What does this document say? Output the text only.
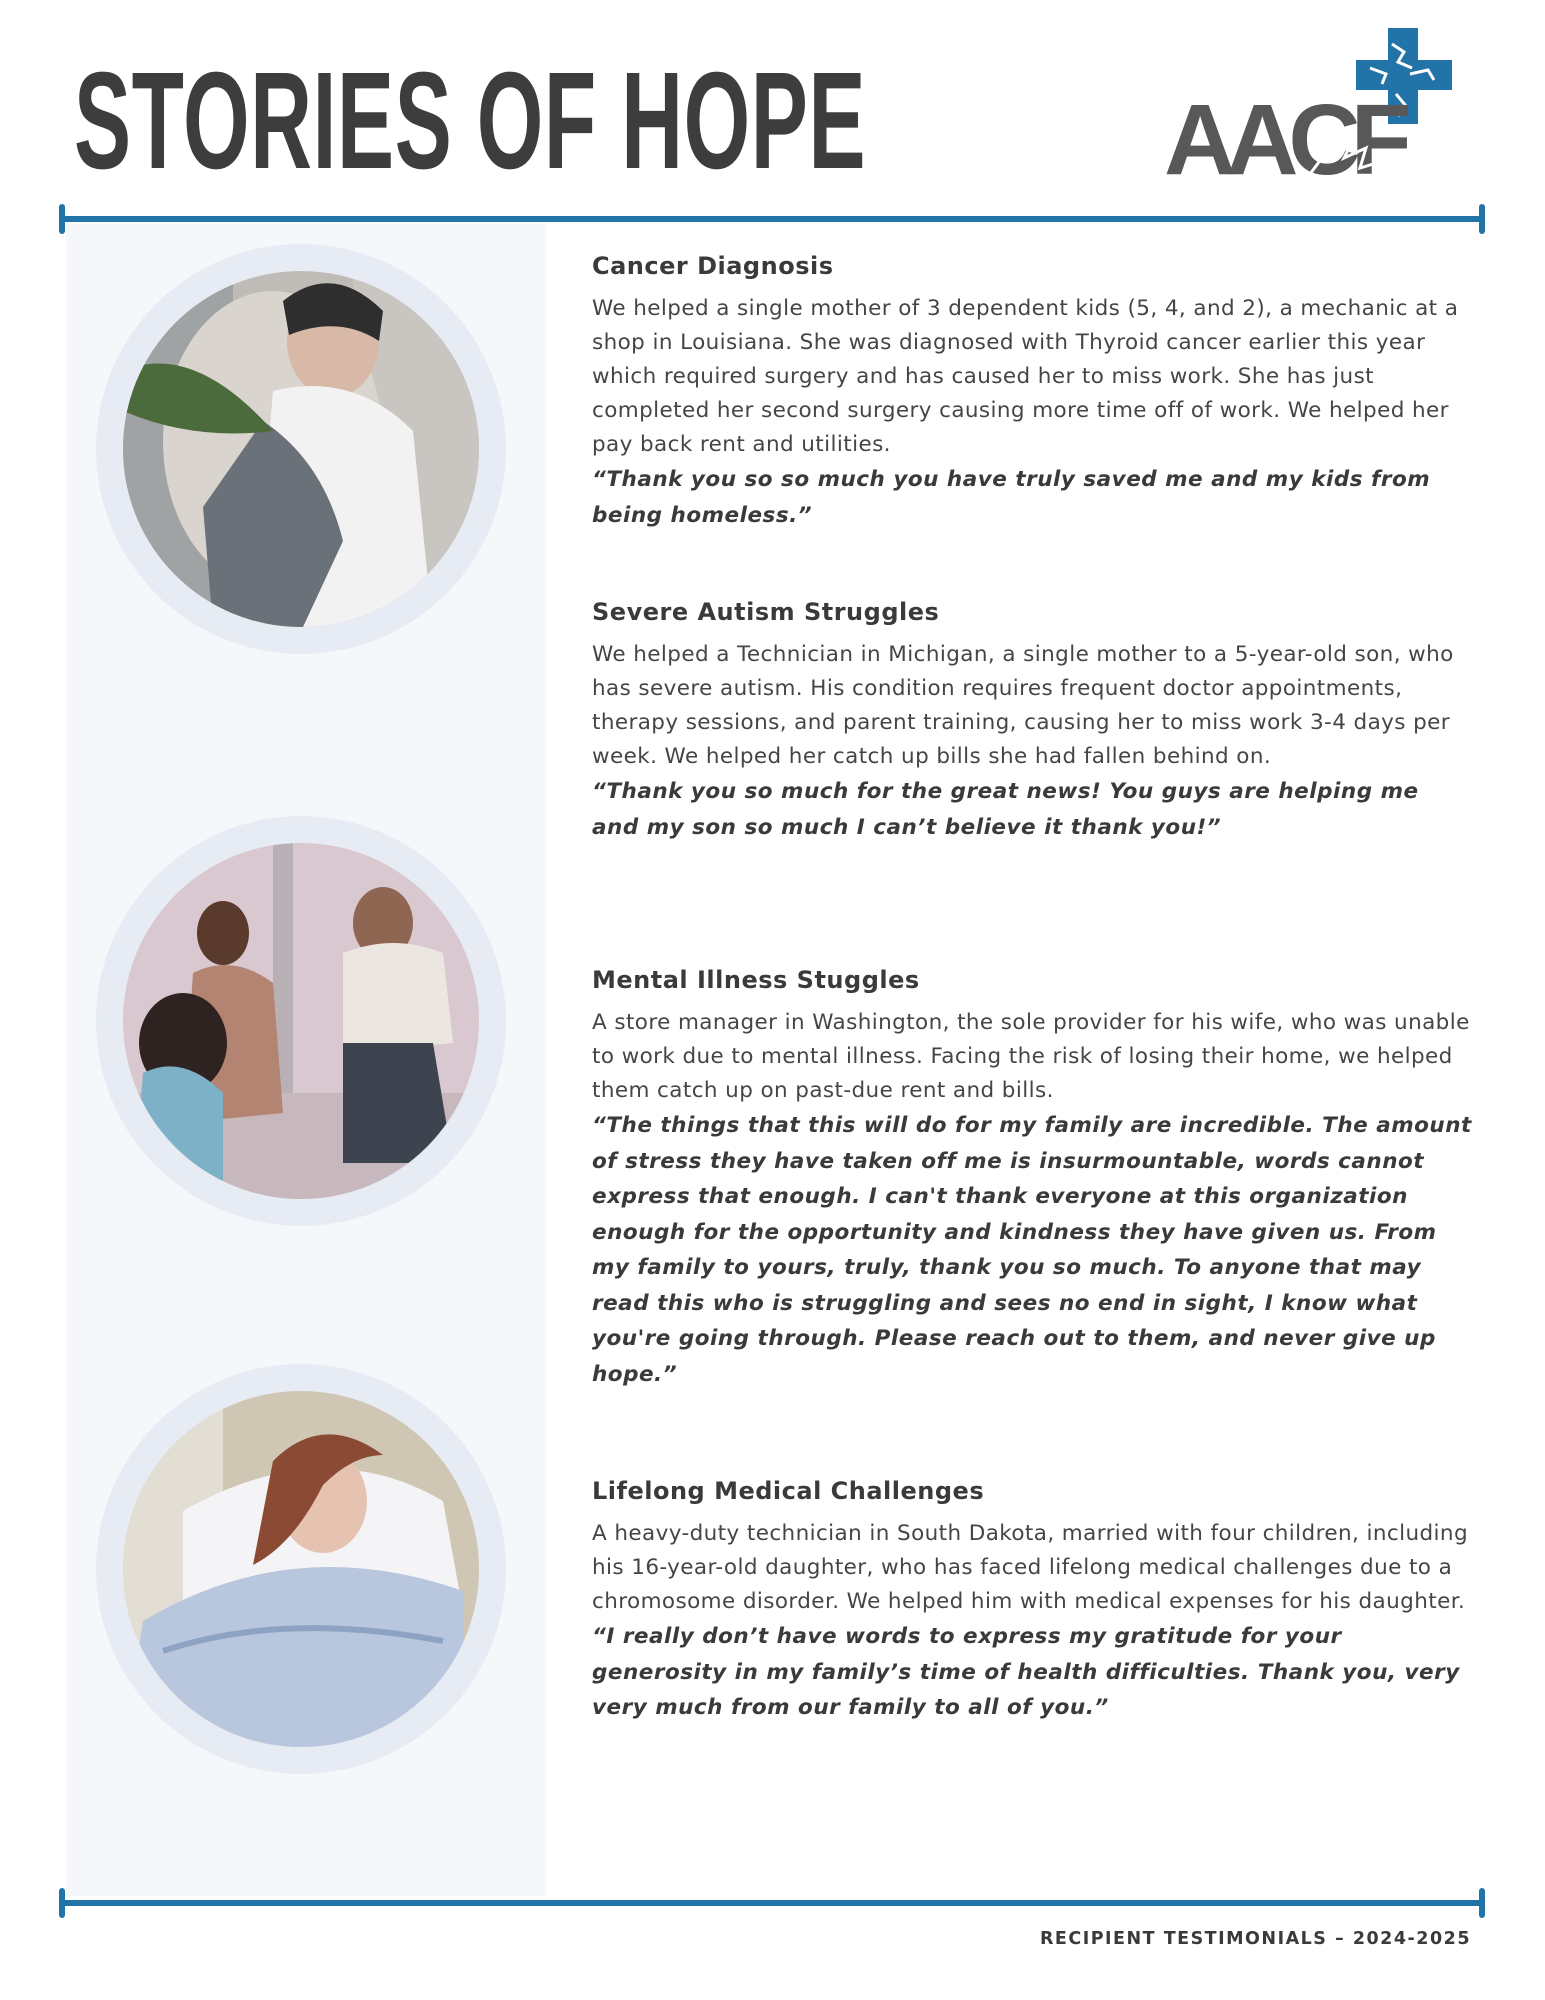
STORIES OF HOPE	AACF
Cancer Diagnosis

We helped a single mother of 3 dependent kids (5, 4, and 2), a mechanic at a shop in Louisiana. She was diagnosed with Thyroid cancer earlier this year which required surgery and has caused her to miss work. She has just completed her second surgery causing more time off of work. We helped her pay back rent and utilities.

“Thank you so so much you have truly saved me and my kids from being homeless.”

Severe Autism Struggles

We helped a Technician in Michigan, a single mother to a 5-year-old son, who has severe autism. His condition requires frequent doctor appointments, therapy sessions, and parent training, causing her to miss work 3-4 days per week. We helped her catch up bills she had fallen behind on.

“Thank you so much for the great news! You guys are helping me and my son so much I can’t believe it thank you!”

Mental Illness Stuggles

A store manager in Washington, the sole provider for his wife, who was unable to work due to mental illness. Facing the risk of losing their home, we helped them catch up on past-due rent and bills.

“The things that this will do for my family are incredible. The amount of stress they have taken off me is insurmountable, words cannot express that enough. I can't thank everyone at this organization enough for the opportunity and kindness they have given us. From my family to yours, truly, thank you so much. To anyone that may read this who is struggling and sees no end in sight, I know what you're going through. Please reach out to them, and never give up hope.”

Lifelong Medical Challenges

A heavy-duty technician in South Dakota, married with four children, including his 16-year-old daughter, who has faced lifelong medical challenges due to a chromosome disorder. We helped him with medical expenses for his daughter.

“I really don’t have words to express my gratitude for your generosity in my family’s time of health difficulties. Thank you, very very much from our family to all of you.”

RECIPIENT TESTIMONIALS – 2024-2025
